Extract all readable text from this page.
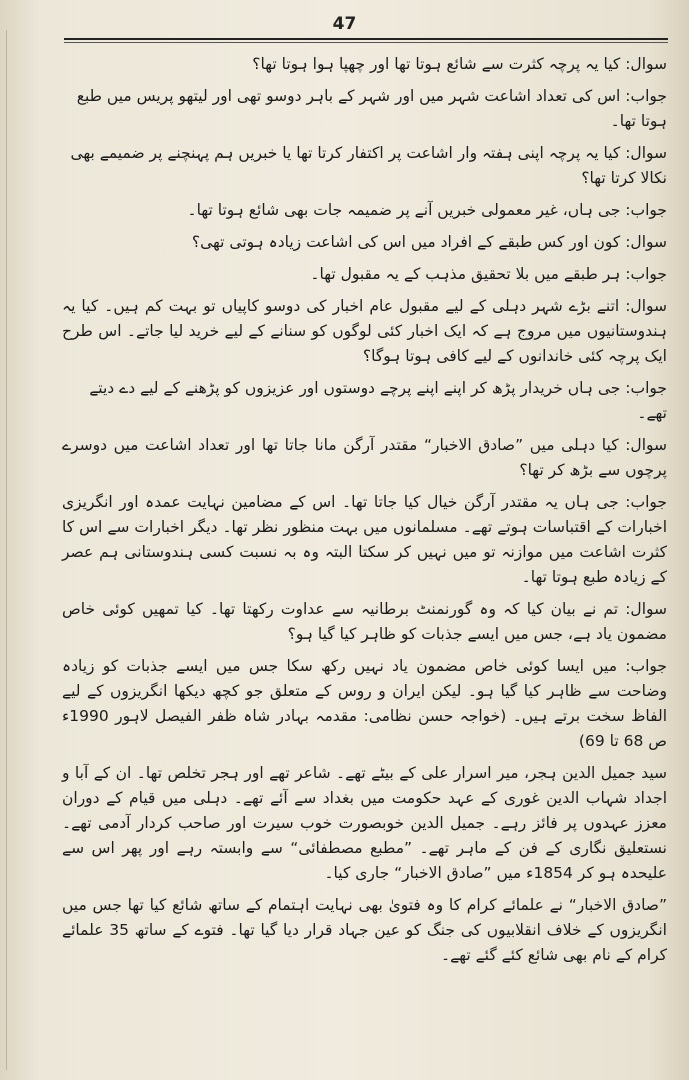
47

سوال: کیا یہ پرچہ کثرت سے شائع ہوتا تھا اور چھپا ہوا ہوتا تھا؟

جواب: اس کی تعداد اشاعت شہر میں اور شہر کے باہر دوسو تھی اور لیتھو پریس میں طبع ہوتا تھا۔

سوال: کیا یہ پرچہ اپنی ہفتہ وار اشاعت پر اکتفار کرتا تھا یا خبریں ہم پہنچنے پر ضمیمے بھی نکالا کرتا تھا؟

جواب: جی ہاں، غیر معمولی خبریں آنے پر ضمیمہ جات بھی شائع ہوتا تھا۔

سوال: کون اور کس طبقے کے افراد میں اس کی اشاعت زیادہ ہوتی تھی؟

جواب: ہر طبقے میں بلا تحقیق مذہب کے یہ مقبول تھا۔

سوال: اتنے بڑے شہر دہلی کے لیے مقبول عام اخبار کی دوسو کاپیاں تو بہت کم ہیں۔ کیا یہ ہندوستانیوں میں مروج ہے کہ ایک اخبار کئی لوگوں کو سنانے کے لیے خرید لیا جاتے۔ اس طرح ایک پرچہ کئی خاندانوں کے لیے کافی ہوتا ہوگا؟

جواب: جی ہاں خریدار پڑھ کر اپنے اپنے پرچے دوستوں اور عزیزوں کو پڑھنے کے لیے دے دیتے تھے۔

سوال: کیا دہلی میں ”صادق الاخبار“ مقتدر آرگن مانا جاتا تھا اور تعداد اشاعت میں دوسرے پرچوں سے بڑھ کر تھا؟

جواب: جی ہاں یہ مقتدر آرگن خیال کیا جاتا تھا۔ اس کے مضامین نہایت عمدہ اور انگریزی اخبارات کے اقتباسات ہوتے تھے۔ مسلمانوں میں بہت منظور نظر تھا۔ دیگر اخبارات سے اس کا کثرت اشاعت میں موازنہ تو میں نہیں کر سکتا البتہ وہ بہ نسبت کسی ہندوستانی ہم عصر کے زیادہ طبع ہوتا تھا۔

سوال: تم نے بیان کیا کہ وہ گورنمنٹ برطانیہ سے عداوت رکھتا تھا۔ کیا تمھیں کوئی خاص مضمون یاد ہے، جس میں ایسے جذبات کو ظاہر کیا گیا ہو؟

جواب: میں ایسا کوئی خاص مضمون یاد نہیں رکھ سکا جس میں ایسے جذبات کو زیادہ وضاحت سے ظاہر کیا گیا ہو۔ لیکن ایران و روس کے متعلق جو کچھ دیکھا انگریزوں کے لیے الفاظ سخت برتے ہیں۔ (خواجہ حسن نظامی: مقدمہ بہادر شاہ ظفر الفیصل لاہور 1990ء ص 68 تا 69)

سید جمیل الدین ہجر، میر اسرار علی کے بیٹے تھے۔ شاعر تھے اور ہجر تخلص تھا۔ ان کے آبا و اجداد شہاب الدین غوری کے عہد حکومت میں بغداد سے آئے تھے۔ دہلی میں قیام کے دوران معزز عہدوں پر فائز رہے۔ جمیل الدین خوبصورت خوب سیرت اور صاحب کردار آدمی تھے۔ نستعلیق نگاری کے فن کے ماہر تھے۔ ”مطبع مصطفائی“ سے وابستہ رہے اور پھر اس سے علیحدہ ہو کر 1854ء میں ”صادق الاخبار“ جاری کیا۔

”صادق الاخبار“ نے علمائے کرام کا وہ فتویٰ بھی نہایت اہتمام کے ساتھ شائع کیا تھا جس میں انگریزوں کے خلاف انقلابیوں کی جنگ کو عین جہاد قرار دیا گیا تھا۔ فتوے کے ساتھ 35 علمائے کرام کے نام بھی شائع کئے گئے تھے۔
